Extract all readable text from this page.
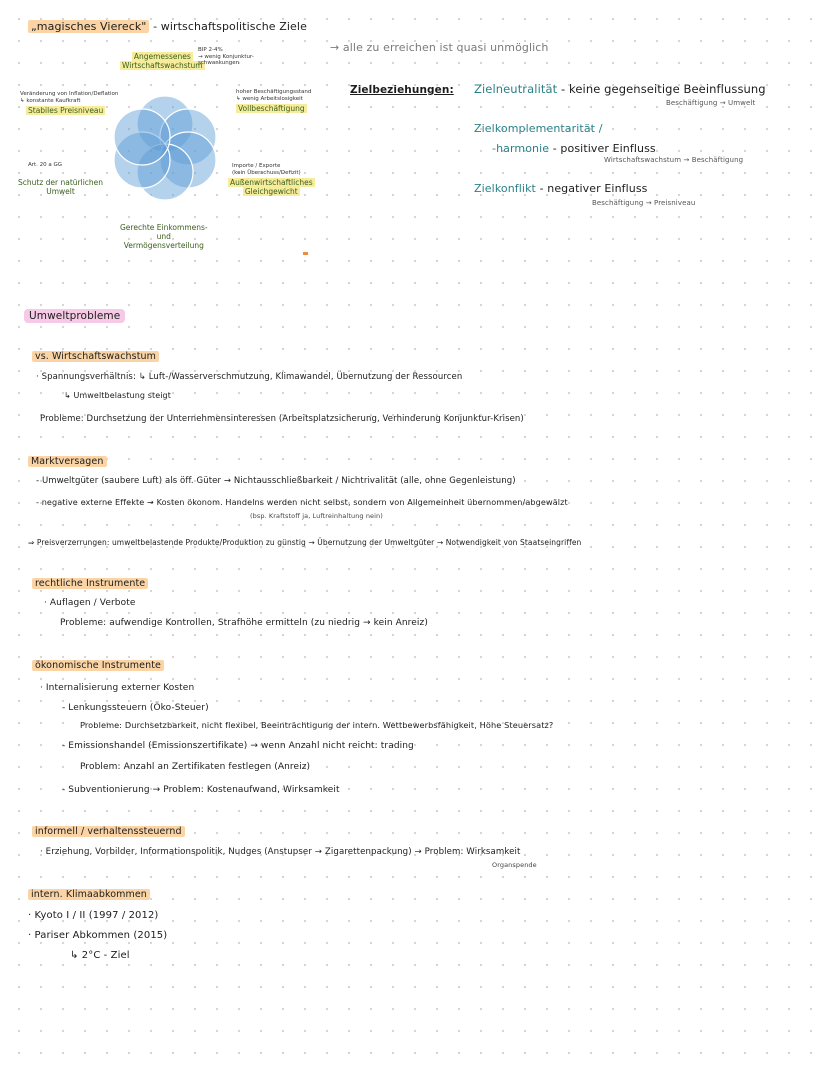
„magisches Viereck" - wirtschaftspolitische Ziele
Angemessenes
Wirtschaftswachstum
BIP 2-4%
→ wenig Konjunktur-
schwankungen
Veränderung von Inflation/Deflation
↳ konstante Kaufkraft
Stabiles Preisniveau
hoher Beschäftigungsstand
↳ wenig Arbeitslosigkeit
Vollbeschäftigung
Art. 20 a GG
Schutz der natürlichen
Umwelt
Importe / Exporte
(kein Überschuss/Defizit)
Außenwirtschaftliches
Gleichgewicht
Gerechte Einkommens-
und
Vermögensverteilung
→ alle zu erreichen ist quasi unmöglich
Zielbeziehungen: Zielneutralität - keine gegenseitige Beeinflussung
Beschäftigung → Umwelt
Zielkomplementarität /
-harmonie - positiver Einfluss
Wirtschaftswachstum → Beschäftigung
Zielkonflikt - negativer Einfluss
Beschäftigung → Preisniveau
Umweltprobleme
vs. Wirtschaftswachstum
· Spannungsverhältnis: ↳ Luft-/Wasserverschmutzung, Klimawandel, Übernutzung der Ressourcen
↳ Umweltbelastung steigt
Probleme: Durchsetzung der Unternehmensinteressen (Arbeitsplatzsicherung, Verhinderung Konjunktur-Krisen)
Marktversagen
- Umweltgüter (saubere Luft) als öff. Güter → Nichtausschließbarkeit / Nichtrivalität (alle, ohne Gegenleistung)
- negative externe Effekte → Kosten ökonom. Handelns werden nicht selbst, sondern von Allgemeinheit übernommen/abgewälzt
(bsp. Kraftstoff ja, Luftreinhaltung nein)
⇒ Preisverzerrungen: umweltbelastende Produkte/Produktion zu günstig → Übernutzung der Umweltgüter → Notwendigkeit von Staatseingriffen
rechtliche Instrumente
· Auflagen / Verbote
Probleme: aufwendige Kontrollen, Strafhöhe ermitteln (zu niedrig → kein Anreiz)
ökonomische Instrumente
· Internalisierung externer Kosten
- Lenkungssteuern (Öko-Steuer)
Probleme: Durchsetzbarkeit, nicht flexibel, Beeinträchtigung der intern. Wettbewerbsfähigkeit, Höhe Steuersatz?
- Emissionshandel (Emissionszertifikate) → wenn Anzahl nicht reicht: trading
Problem: Anzahl an Zertifikaten festlegen (Anreiz)
- Subventionierung → Problem: Kostenaufwand, Wirksamkeit
informell / verhaltenssteuernd
· Erziehung, Vorbilder, Informationspolitik, Nudges (Anstupser → Zigarettenpackung) → Problem: Wirksamkeit
Organspende
intern. Klimaabkommen
· Kyoto I / II (1997 / 2012)
· Pariser Abkommen (2015)
↳ 2°C - Ziel
